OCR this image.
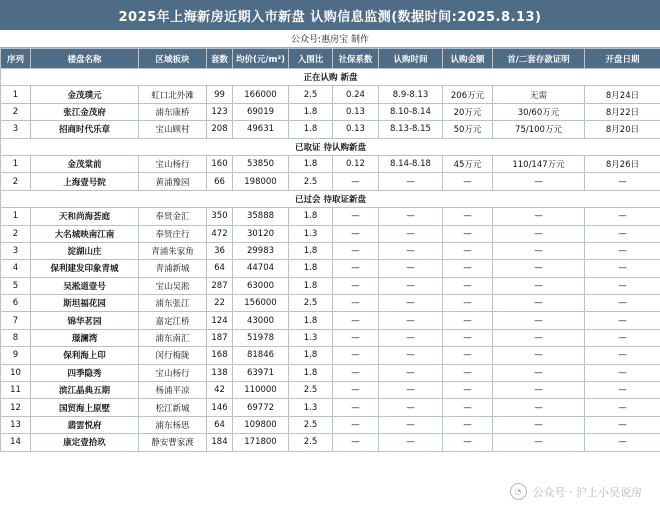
2025年上海新房近期入市新盘 认购信息监测(数据时间:2025.8.13)
公众号:惠房宝 制作
序列	楼盘名称	区域板块	套数	均价(元/m²)	入围比	社保系数	认购时间	认购金额	首/二套存款证明	开盘日期
正在认购 新盘										
1	金茂璞元	虹口北外滩	99	166000	2.5	0.24	8.9-8.13	206万元	无需	8月24日
2	张江金茂府	浦东康桥	123	69019	1.8	0.13	8.10-8.14	20万元	30/60万元	8月22日
3	招商时代乐章	宝山顾村	208	49631	1.8	0.13	8.13-8.15	50万元	75/100万元	8月20日
已取证 待认购新盘										
1	金茂棠前	宝山杨行	160	53850	1.8	0.12	8.14-8.18	45万元	110/147万元	8月26日
2	上海壹号院	黄浦豫园	66	198000	2.5	—	—	—	—	—
已过会 待取证新盘										
1	天和尚海荟庭	奉贤金汇	350	35888	1.8	—	—	—	—	—
2	大名城映南江南	奉贤庄行	472	30120	1.3	—	—	—	—	—
3	淀湖山庄	青浦朱家角	36	29983	1.8	—	—	—	—	—
4	保利建发印象青城	青浦新城	64	44704	1.8	—	—	—	—	—
5	吴淞道壹号	宝山吴淞	287	63000	1.8	—	—	—	—	—
6	斯坦福花园	浦东张江	22	156000	2.5	—	—	—	—	—
7	锦华茗园	嘉定江桥	124	43000	1.8	—	—	—	—	—
8	璟澜湾	浦东南汇	187	51978	1.3	—	—	—	—	—
9	保利海上印	闵行梅陇	168	81846	1.8	—	—	—	—	—
10	四季隐秀	宝山杨行	138	63971	1.8	—	—	—	—	—
11	滨江晶典五期	杨浦平凉	42	110000	2.5	—	—	—	—	—
12	国贸海上原墅	松江新城	146	69772	1.3	—	—	—	—	—
13	翡雲悦府	浦东杨思	64	109800	2.5	—	—	—	—	—
14	康定壹拾玖	静安曹家渡	184	171800	2.5	—	—	—	—	—
◔	公众号 · 沪上小吴说房
